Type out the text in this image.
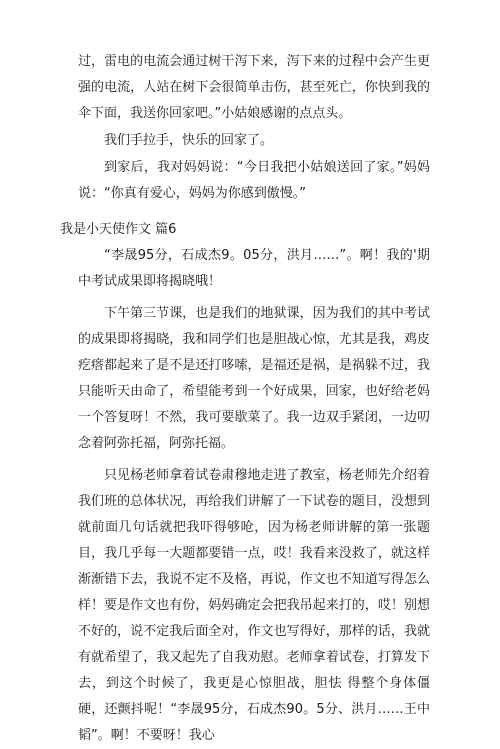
过，雷电的电流会通过树干泻下来，泻下来的过程中会产生更强的电流，人站在树下会很简单击伤，甚至死亡，你快到我的伞下面，我送你回家吧。”小姑娘感谢的点点头。

我们手拉手，快乐的回家了。

到家后，我对妈妈说：“今日我把小姑娘送回了家。”妈妈说：“你真有爱心，妈妈为你感到傲慢。”

我是小天使作文 篇6

“李晟95分，石成杰9。05分，洪月……”。啊！我的'期中考试成果即将揭晓哦！

下午第三节课，也是我们的地狱课，因为我们的其中考试的成果即将揭晓，我和同学们也是胆战心惊，尤其是我，鸡皮疙瘩都起来了是不是还打哆嗦，是福还是祸，是祸躲不过，我只能听天由命了，希望能考到一个好成果，回家，也好给老妈一个答复呀！不然，我可要歇菜了。我一边双手紧闭，一边叨念着阿弥托福，阿弥托福。

只见杨老师拿着试卷肃穆地走进了教室，杨老师先介绍着我们班的总体状况，再给我们讲解了一下试卷的题目，没想到就前面几句话就把我吓得够呛，因为杨老师讲解的第一张题目，我几乎每一大题都要错一点，哎！我看来没救了，就这样渐渐错下去，我说不定不及格，再说，作文也不知道写得怎么样！要是作文也有份，妈妈确定会把我吊起来打的，哎！别想不好的，说不定我后面全对，作文也写得好，那样的话，我就有就希望了，我又起先了自我劝慰。老师拿着试卷，打算发下去，到这个时候了，我更是心惊胆战，胆怯 得整个身体僵硬，还颤抖呢！“李晟95分，石成杰90。5分、洪月……王中韬”。啊！不要呀！我心
